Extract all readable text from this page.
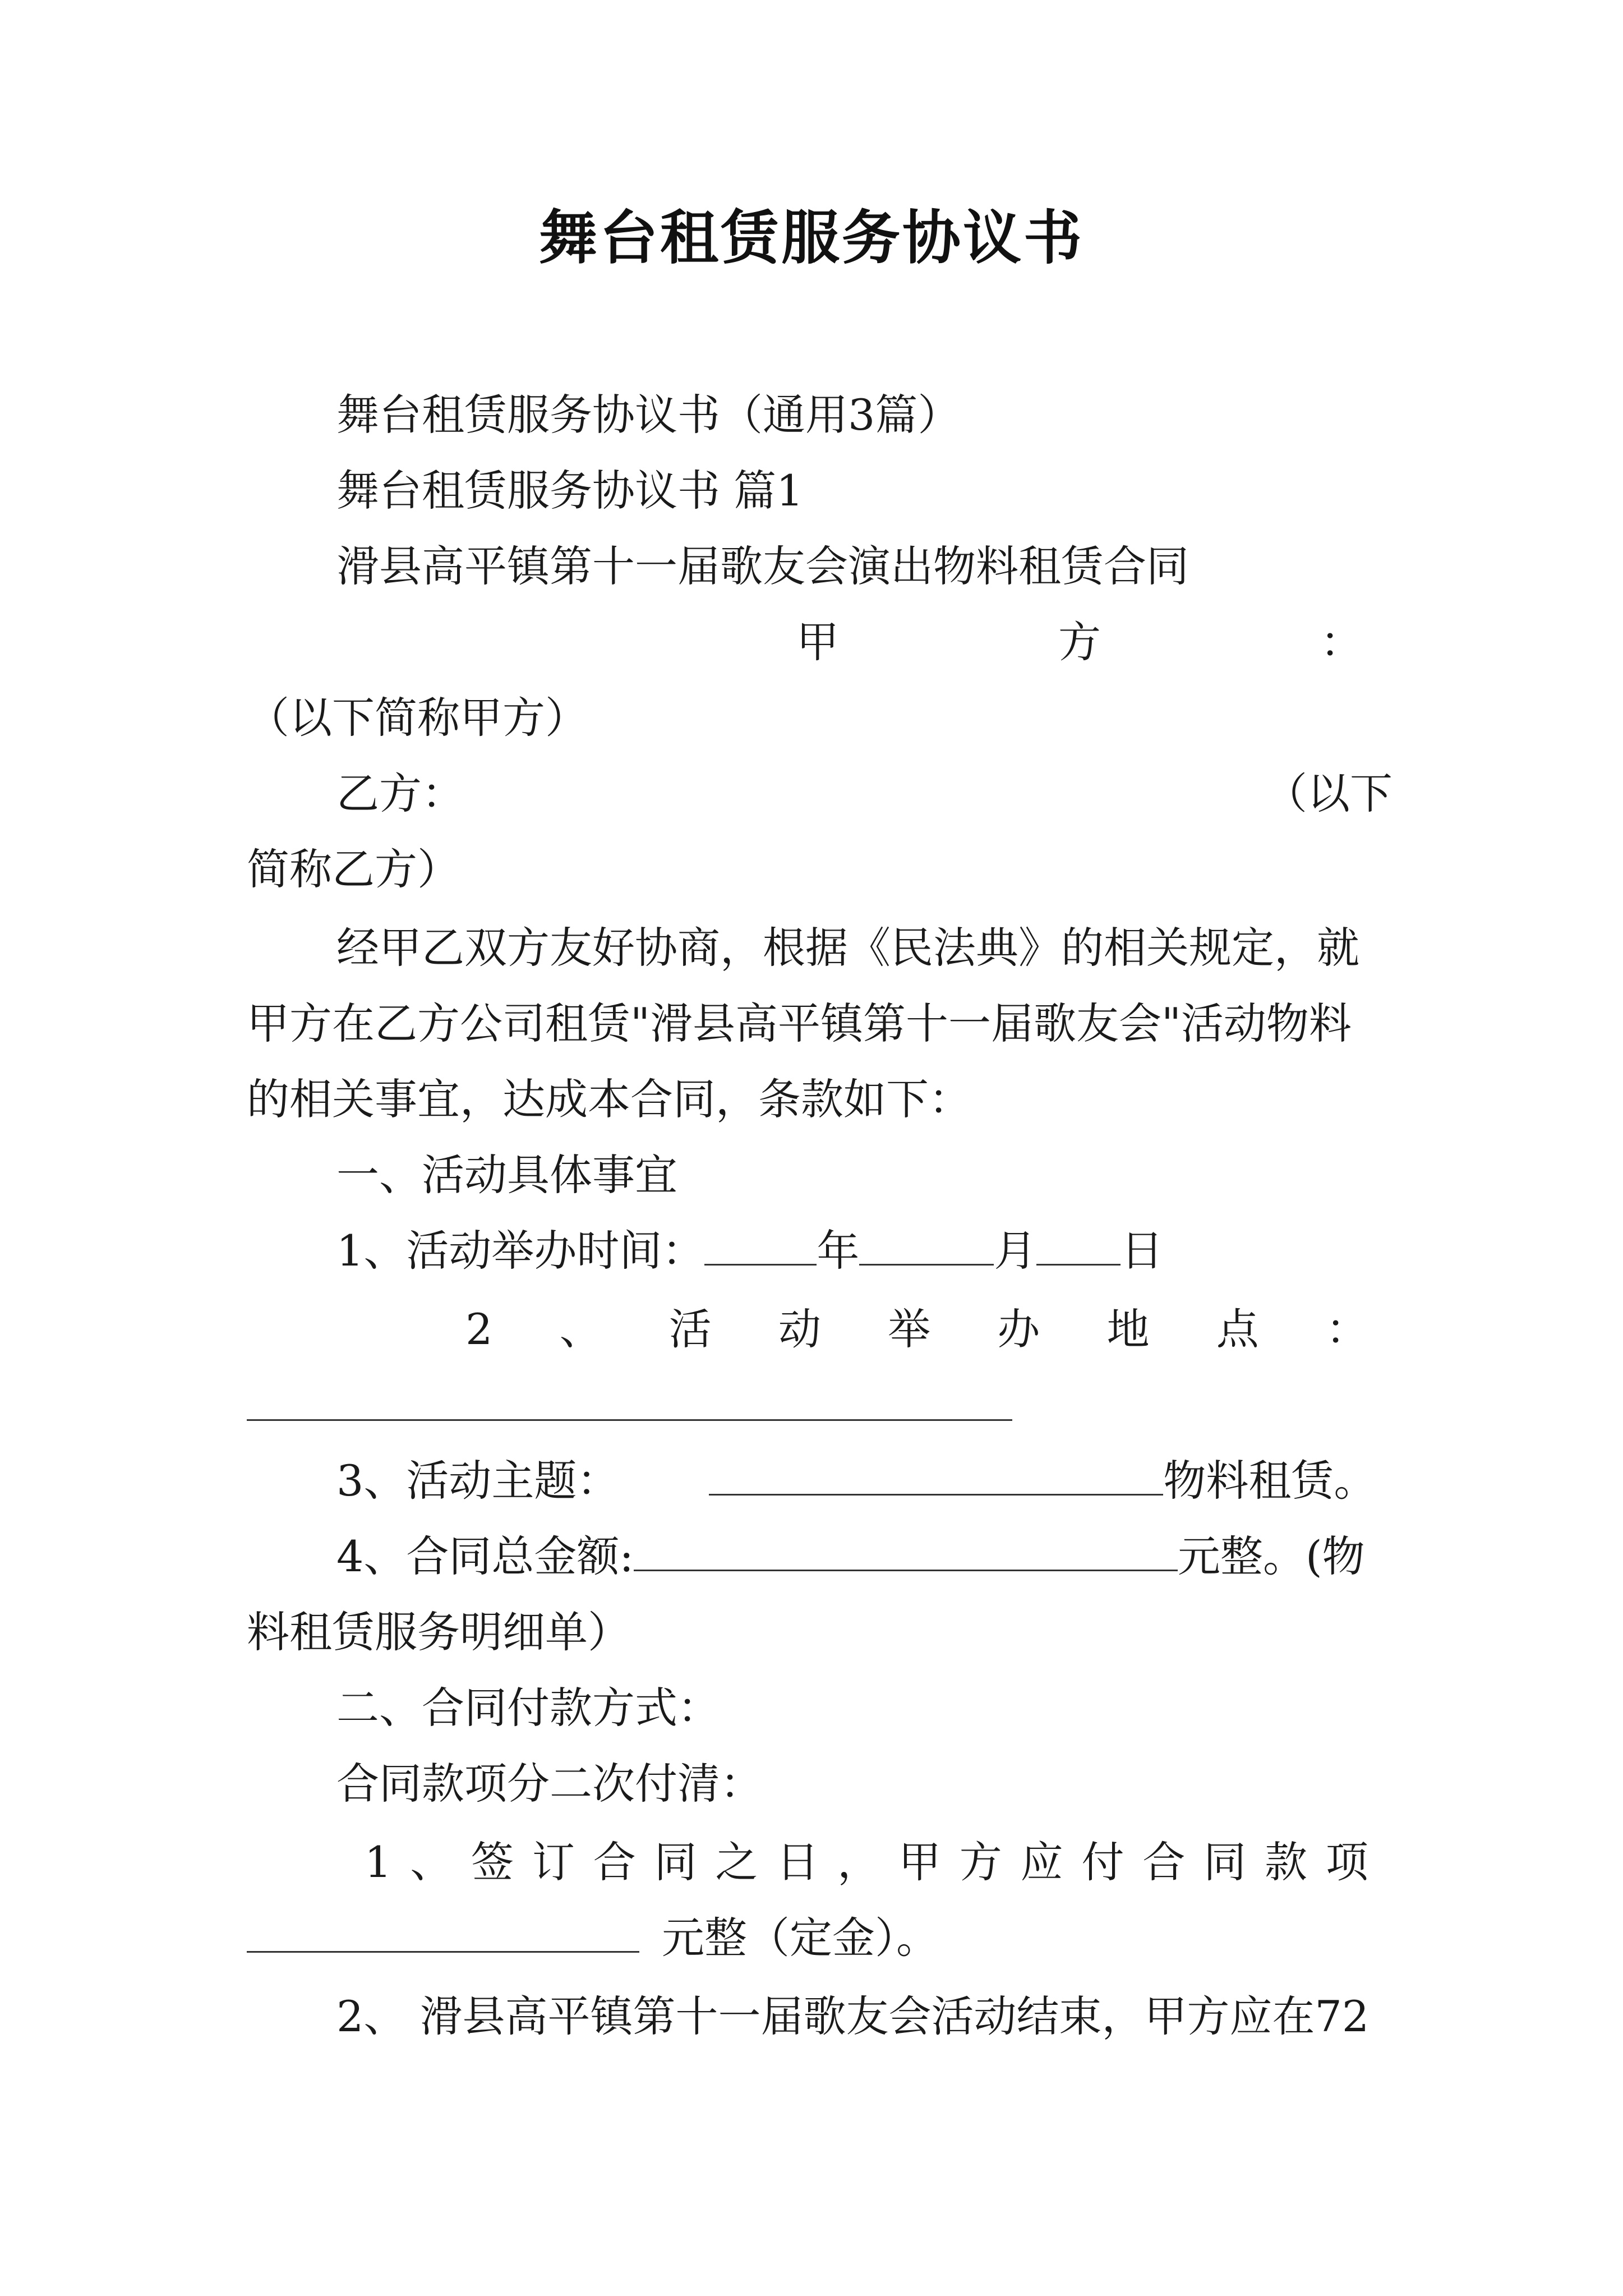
舞台租赁服务协议书
舞台租赁服务协议书（通用3篇）
舞台租赁服务协议书 篇1
滑县高平镇第十一届歌友会演出物料租赁合同
甲	方	：
（以下简称甲方）
乙方：	（以下
简称乙方）
经甲乙双方友好协商，根据《民法典》的相关规定，就
甲方在乙方公司租赁"滑县高平镇第十一届歌友会"活动物料
的相关事宜，达成本合同，条款如下：
一、活动具体事宜
1、活动举办时间：	年	月 日
2 、 活 动 举 办 地 点 ：
3、活动主题：	物料租赁。
4、合同总金额:	元整。(物
料租赁服务明细单）
二、合同付款方式：
合同款项分二次付清：
1 、 签 订 合 同 之 日 ， 甲 方 应 付 合 同 款 项
元整（定金）。
2、 滑县高平镇第十一届歌友会活动结束，甲方应在72
